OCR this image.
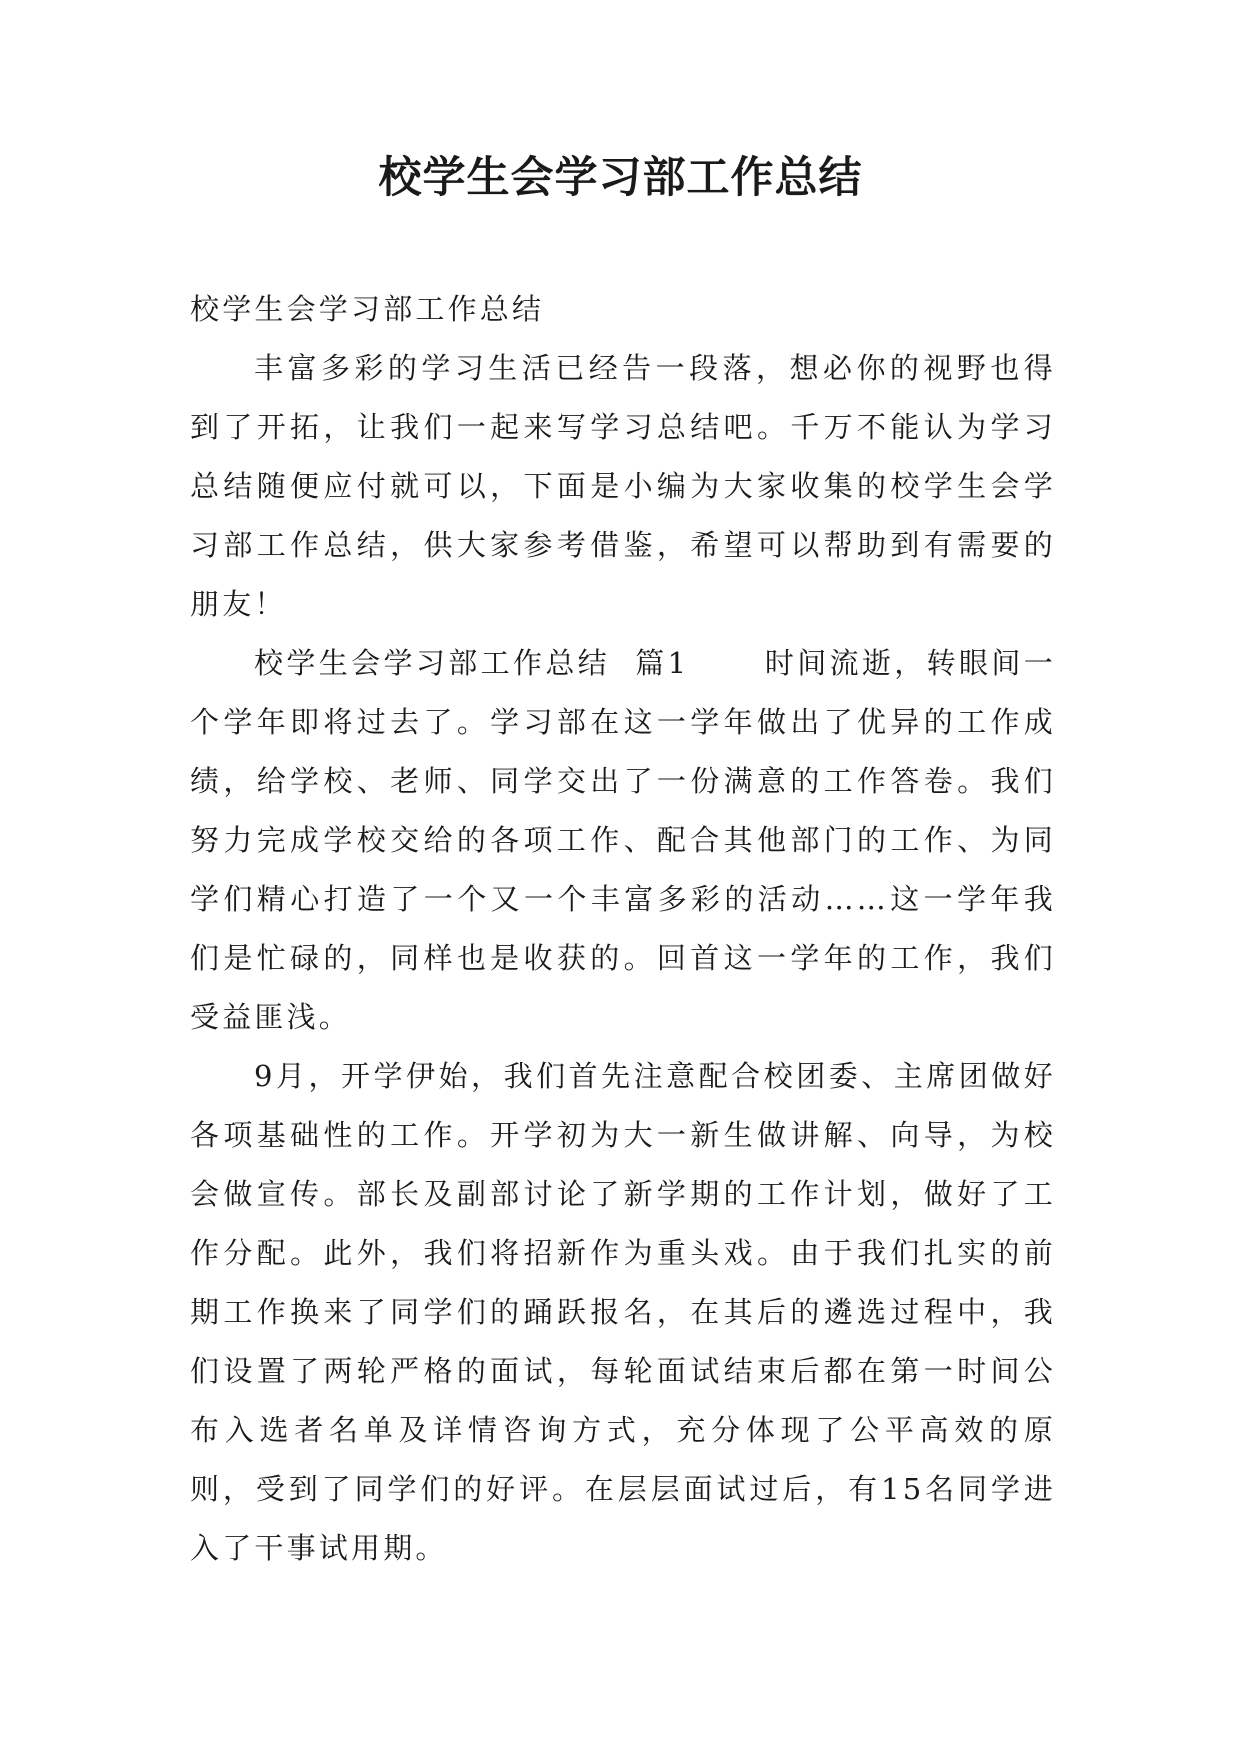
校学生会学习部工作总结

校学生会学习部工作总结

丰富多彩的学习生活已经告一段落，想必你的视野也得到了开拓，让我们一起来写学习总结吧。千万不能认为学习总结随便应付就可以，下面是小编为大家收集的校学生会学习部工作总结，供大家参考借鉴，希望可以帮助到有需要的朋友！

校学生会学习部工作总结  篇1      时间流逝，转眼间一个学年即将过去了。学习部在这一学年做出了优异的工作成绩，给学校、老师、同学交出了一份满意的工作答卷。我们努力完成学校交给的各项工作、配合其他部门的工作、为同学们精心打造了一个又一个丰富多彩的活动……这一学年我们是忙碌的，同样也是收获的。回首这一学年的工作，我们受益匪浅。

9月，开学伊始，我们首先注意配合校团委、主席团做好各项基础性的工作。开学初为大一新生做讲解、向导，为校会做宣传。部长及副部讨论了新学期的工作计划，做好了工作分配。此外，我们将招新作为重头戏。由于我们扎实的前期工作换来了同学们的踊跃报名，在其后的遴选过程中，我们设置了两轮严格的面试，每轮面试结束后都在第一时间公布入选者名单及详情咨询方式，充分体现了公平高效的原则，受到了同学们的好评。在层层面试过后，有15名同学进入了干事试用期。
